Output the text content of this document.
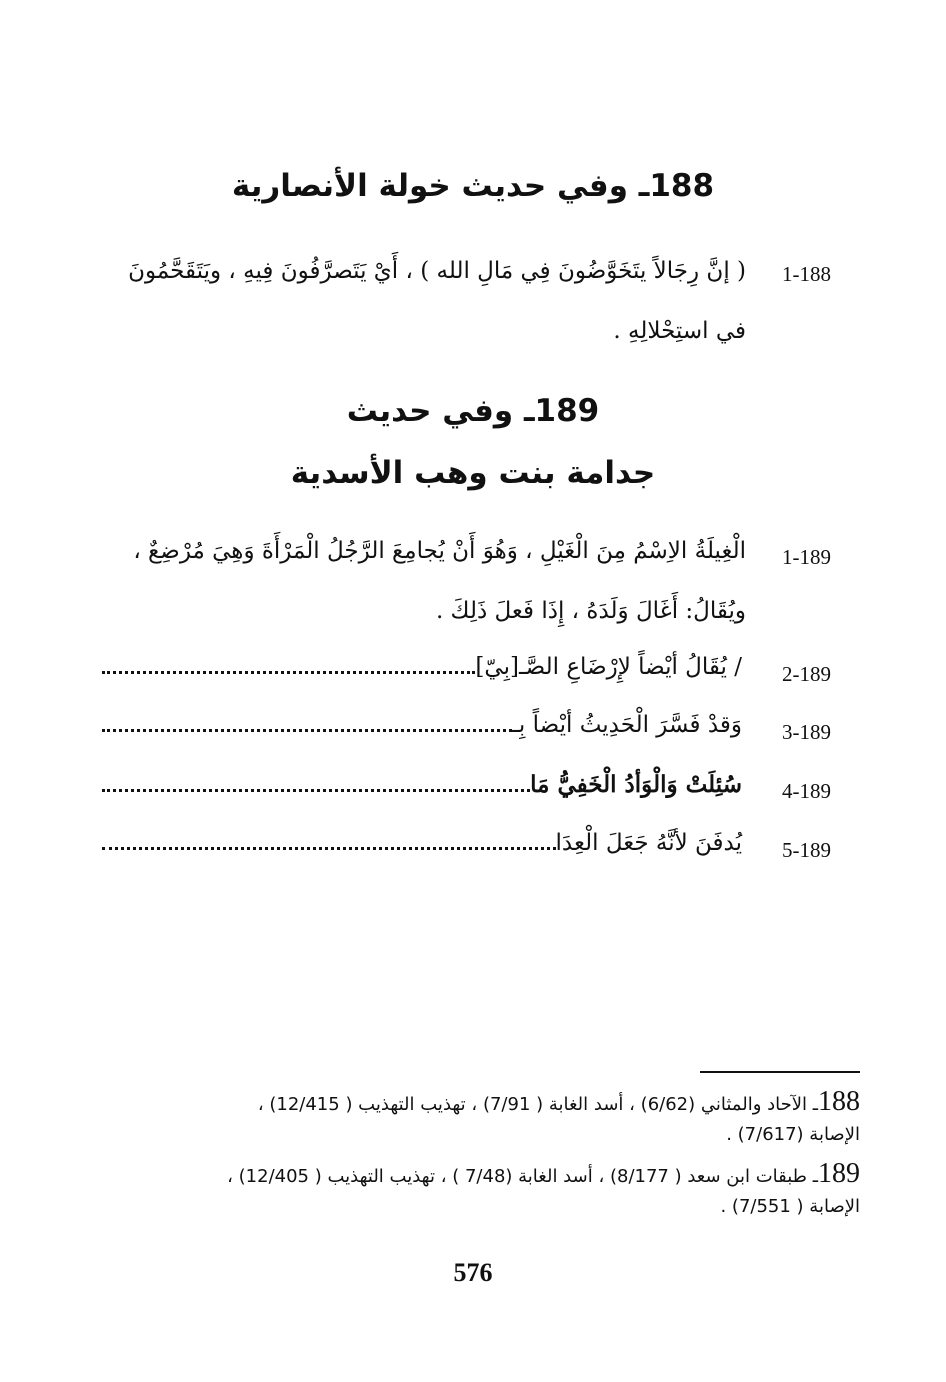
188ـ وفي حديث خولة الأنصارية
1-188
( إنَّ رِجَالاً يتَخَوَّضُونَ فِي مَالِ الله ) ، أَيْ يَتَصرَّفُونَ فِيهِ ، ويَتَقَحَّمُونَ
في استِحْلالِهِ .
189ـ وفي حديث
جدامة بنت وهب الأسدية
1-189
الْغِيلَةُ الاِسْمُ مِنَ الْغَيْلِ ، وَهُوَ أَنْ يُجامِعَ الرَّجُلُ الْمَرْأَةَ وَهِيَ مُرْضِعٌ ،
ويُقَالُ: أَغَالَ وَلَدَهُ ، إِذَا فَعلَ ذَلِكَ .
2-189
/ يُقَالُ أيْضاً لإِرْضَاعِ الصَّـ[بِيّ]
3-189
وَقدْ فَسَّرَ الْحَدِيثُ أيْضاً بِـ
4-189
سُئِلَتْ وَالْوَأدُ الْخَفِيُّ مَا
5-189
يُدفَنَ لأنَّهُ جَعَلَ الْعِدَا
188ـ الآحاد والمثاني (6/62) ، أسد الغابة ( 7/91) ، تهذيب التهذيب ( 12/415) ،
الإصابة (7/617) .
189ـ طبقات ابن سعد ( 8/177) ، أسد الغابة (7/48 ) ، تهذيب التهذيب ( 12/405) ،
الإصابة ( 7/551) .
576
